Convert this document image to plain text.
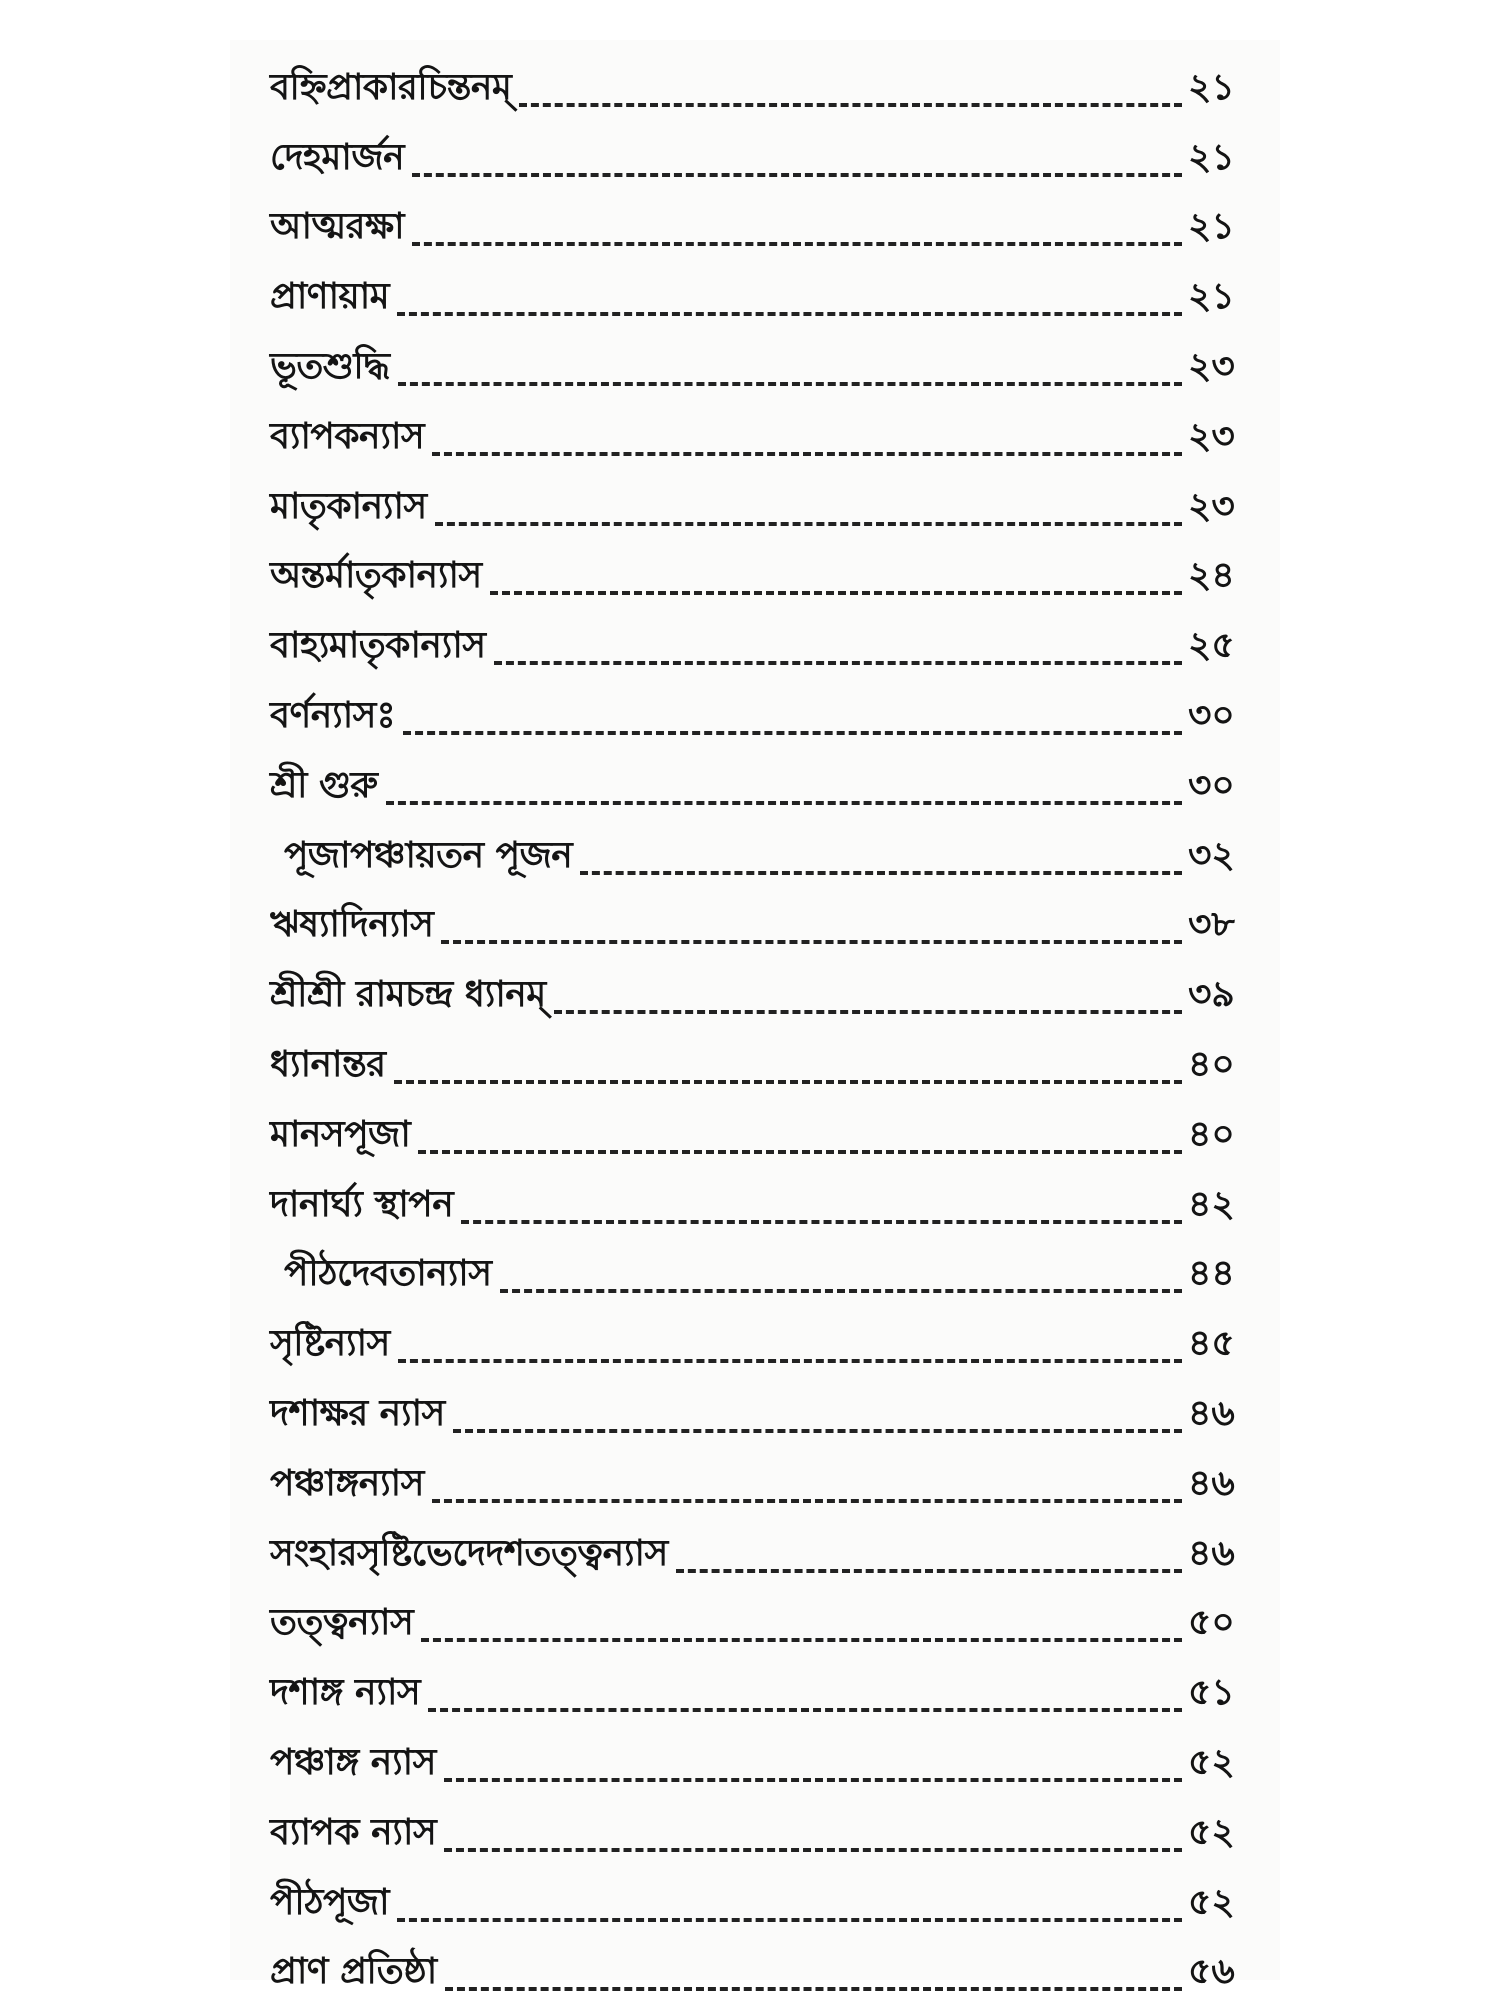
বহ্নিপ্রাকারচিন্তনম্	২১
দেহমার্জন	২১
আত্মরক্ষা	২১
প্রাণায়াম	২১
ভূতশুদ্ধি	২৩
ব্যাপকন্যাস	২৩
মাতৃকান্যাস	২৩
অন্তর্মাতৃকান্যাস	২৪
বাহ্যমাতৃকান্যাস	২৫
বর্ণন্যাসঃ	৩০
শ্রী গুরু	৩০
পূজাপঞ্চায়তন পূজন	৩২
ঋষ্যাদিন্যাস	৩৮
শ্রীশ্রী রামচন্দ্র ধ্যানম্	৩৯
ধ্যানান্তর	৪০
মানসপূজা	৪০
দানার্ঘ্য স্থাপন	৪২
পীঠদেবতান্যাস	৪৪
সৃষ্টিন্যাস	৪৫
দশাক্ষর ন্যাস	৪৬
পঞ্চাঙ্গন্যাস	৪৬
সংহারসৃষ্টিভেদেদশতত্ত্বন্যাস	৪৬
তত্ত্বন্যাস	৫০
দশাঙ্গ ন্যাস	৫১
পঞ্চাঙ্গ ন্যাস	৫২
ব্যাপক ন্যাস	৫২
পীঠপূজা	৫২
প্রাণ প্রতিষ্ঠা	৫৬
